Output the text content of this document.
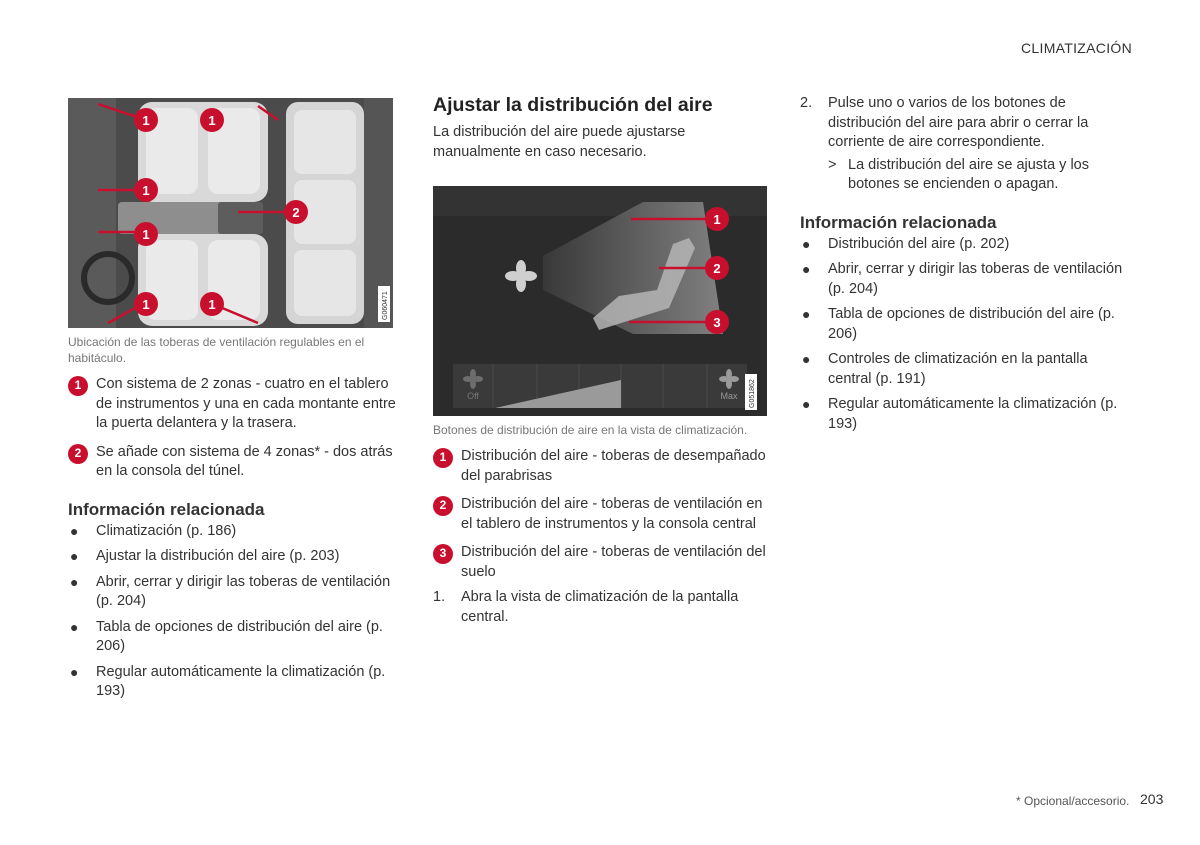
CLIMATIZACIÓN
1	1
1
2
1
1	1	G060471
Ubicación de las toberas de ventilación regulables en el habitáculo.
1	Con sistema de 2 zonas - cuatro en el tablero de instrumentos y una en cada montante entre la puerta delantera y la trasera.
2	Se añade con sistema de 4 zonas* - dos atrás en la consola del túnel.
Información relacionada
● Climatización (p. 186)
● Ajustar la distribución del aire (p. 203)
● Abrir, cerrar y dirigir las toberas de ventilación (p. 204)
● Tabla de opciones de distribución del aire (p. 206)
● Regular automáticamente la climatización (p. 193)
Ajustar la distribución del aire
La distribución del aire puede ajustarse manualmente en caso necesario.
1
2
3
Off	Max G051862
Botones de distribución de aire en la vista de climatización.
1	Distribución del aire - toberas de desempañado del parabrisas
2	Distribución del aire - toberas de ventilación en el tablero de instrumentos y la consola central
3	Distribución del aire - toberas de ventilación del suelo
1. Abra la vista de climatización de la pantalla central.
2. Pulse uno o varios de los botones de distribución del aire para abrir o cerrar la corriente de aire correspondiente.
> La distribución del aire se ajusta y los botones se encienden o apagan.
Información relacionada
● Distribución del aire (p. 202)
● Abrir, cerrar y dirigir las toberas de ventilación (p. 204)
● Tabla de opciones de distribución del aire (p. 206)
● Controles de climatización en la pantalla central (p. 191)
● Regular automáticamente la climatización (p. 193)
* Opcional/accesorio. 203
